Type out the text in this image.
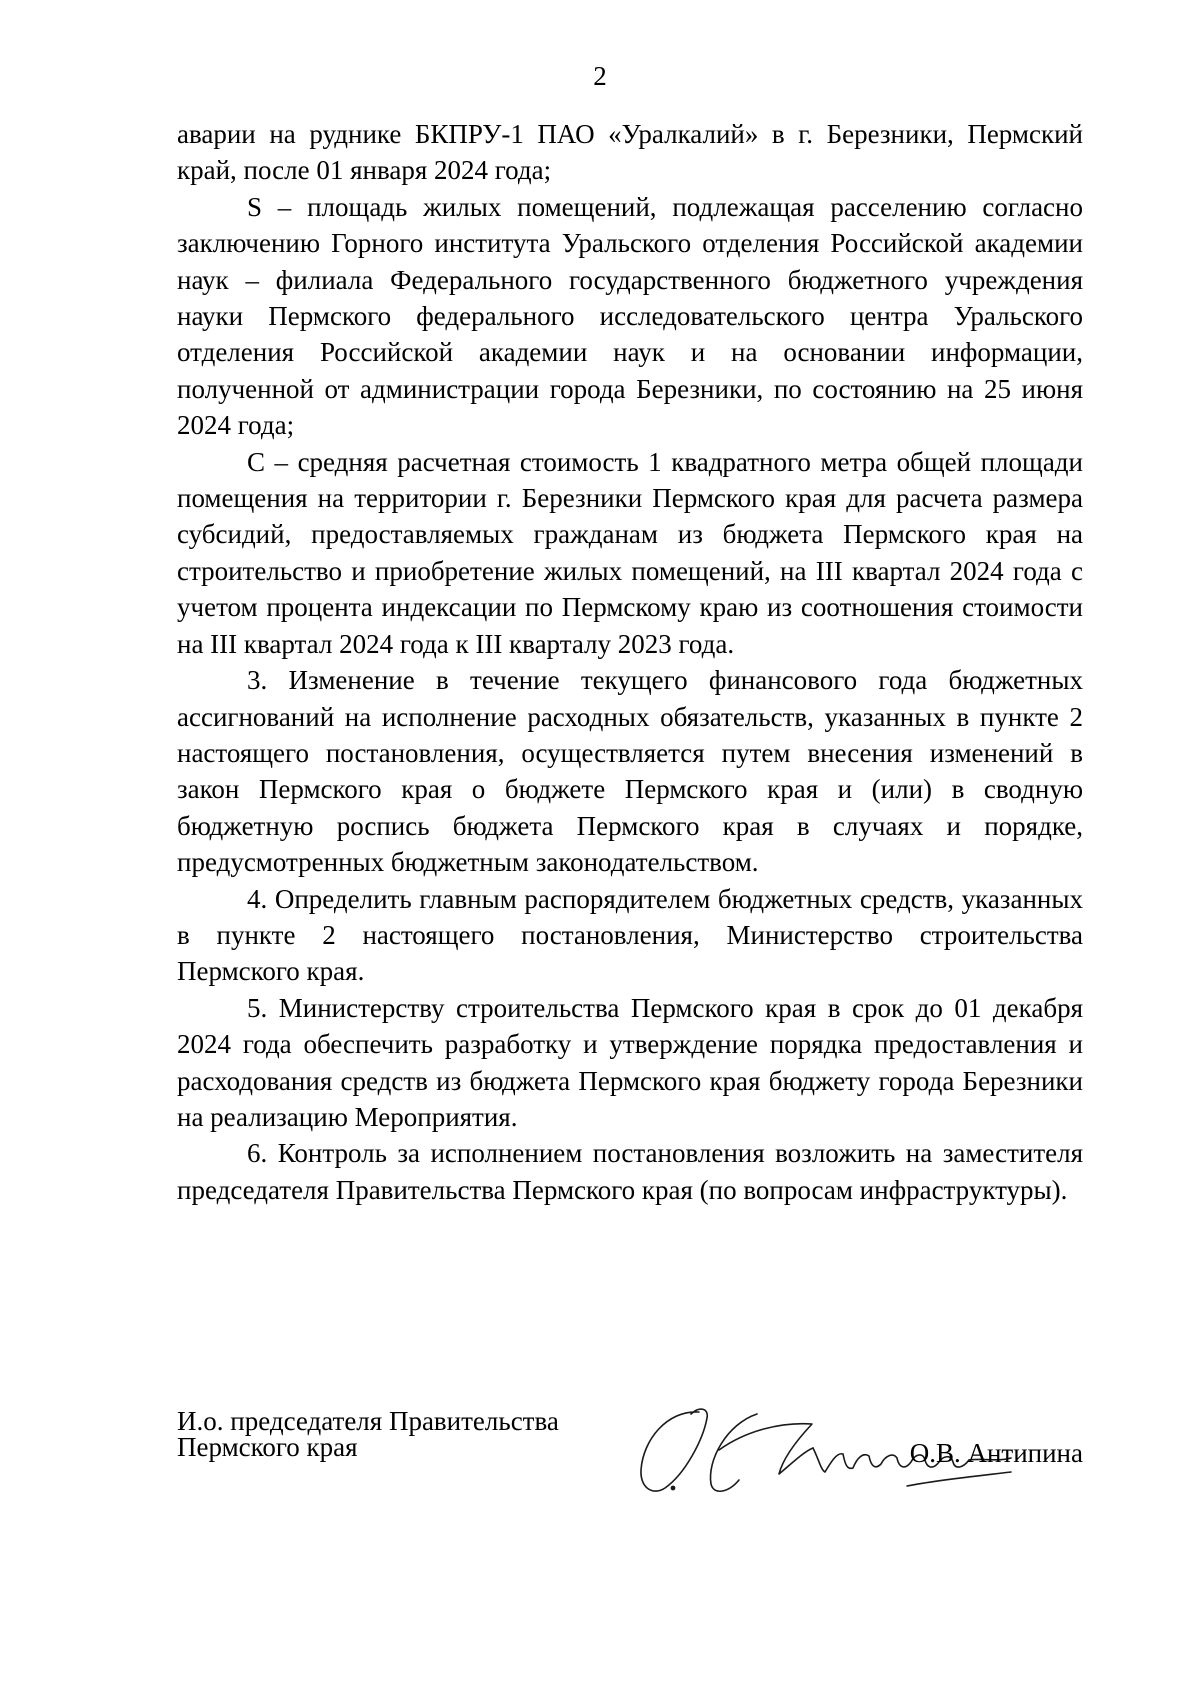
2

аварии на руднике БКПРУ-1 ПАО «Уралкалий» в г. Березники, Пермский край, после 01 января 2024 года;

S – площадь жилых помещений, подлежащая расселению согласно заключению Горного института Уральского отделения Российской академии наук – филиала Федерального государственного бюджетного учреждения науки Пермского федерального исследовательского центра Уральского отделения Российской академии наук и на основании информации, полученной от администрации города Березники, по состоянию на 25 июня 2024 года;

С – средняя расчетная стоимость 1 квадратного метра общей площади помещения на территории г. Березники Пермского края для расчета размера субсидий, предоставляемых гражданам из бюджета Пермского края на строительство и приобретение жилых помещений, на III квартал 2024 года с учетом процента индексации по Пермскому краю из соотношения стоимости на III квартал 2024 года к III кварталу 2023 года.

3. Изменение в течение текущего финансового года бюджетных ассигнований на исполнение расходных обязательств, указанных в пункте 2 настоящего постановления, осуществляется путем внесения изменений в закон Пермского края о бюджете Пермского края и (или) в сводную бюджетную роспись бюджета Пермского края в случаях и порядке, предусмотренных бюджетным законодательством.

4. Определить главным распорядителем бюджетных средств, указанных в пункте 2 настоящего постановления, Министерство строительства Пермского края.

5. Министерству строительства Пермского края в срок до 01 декабря 2024 года обеспечить разработку и утверждение порядка предоставления и расходования средств из бюджета Пермского края бюджету города Березники на реализацию Мероприятия.

6. Контроль за исполнением постановления возложить на заместителя председателя Правительства Пермского края (по вопросам инфраструктуры).

И.о. председателя Правительства
Пермского края	О.В. Антипина
